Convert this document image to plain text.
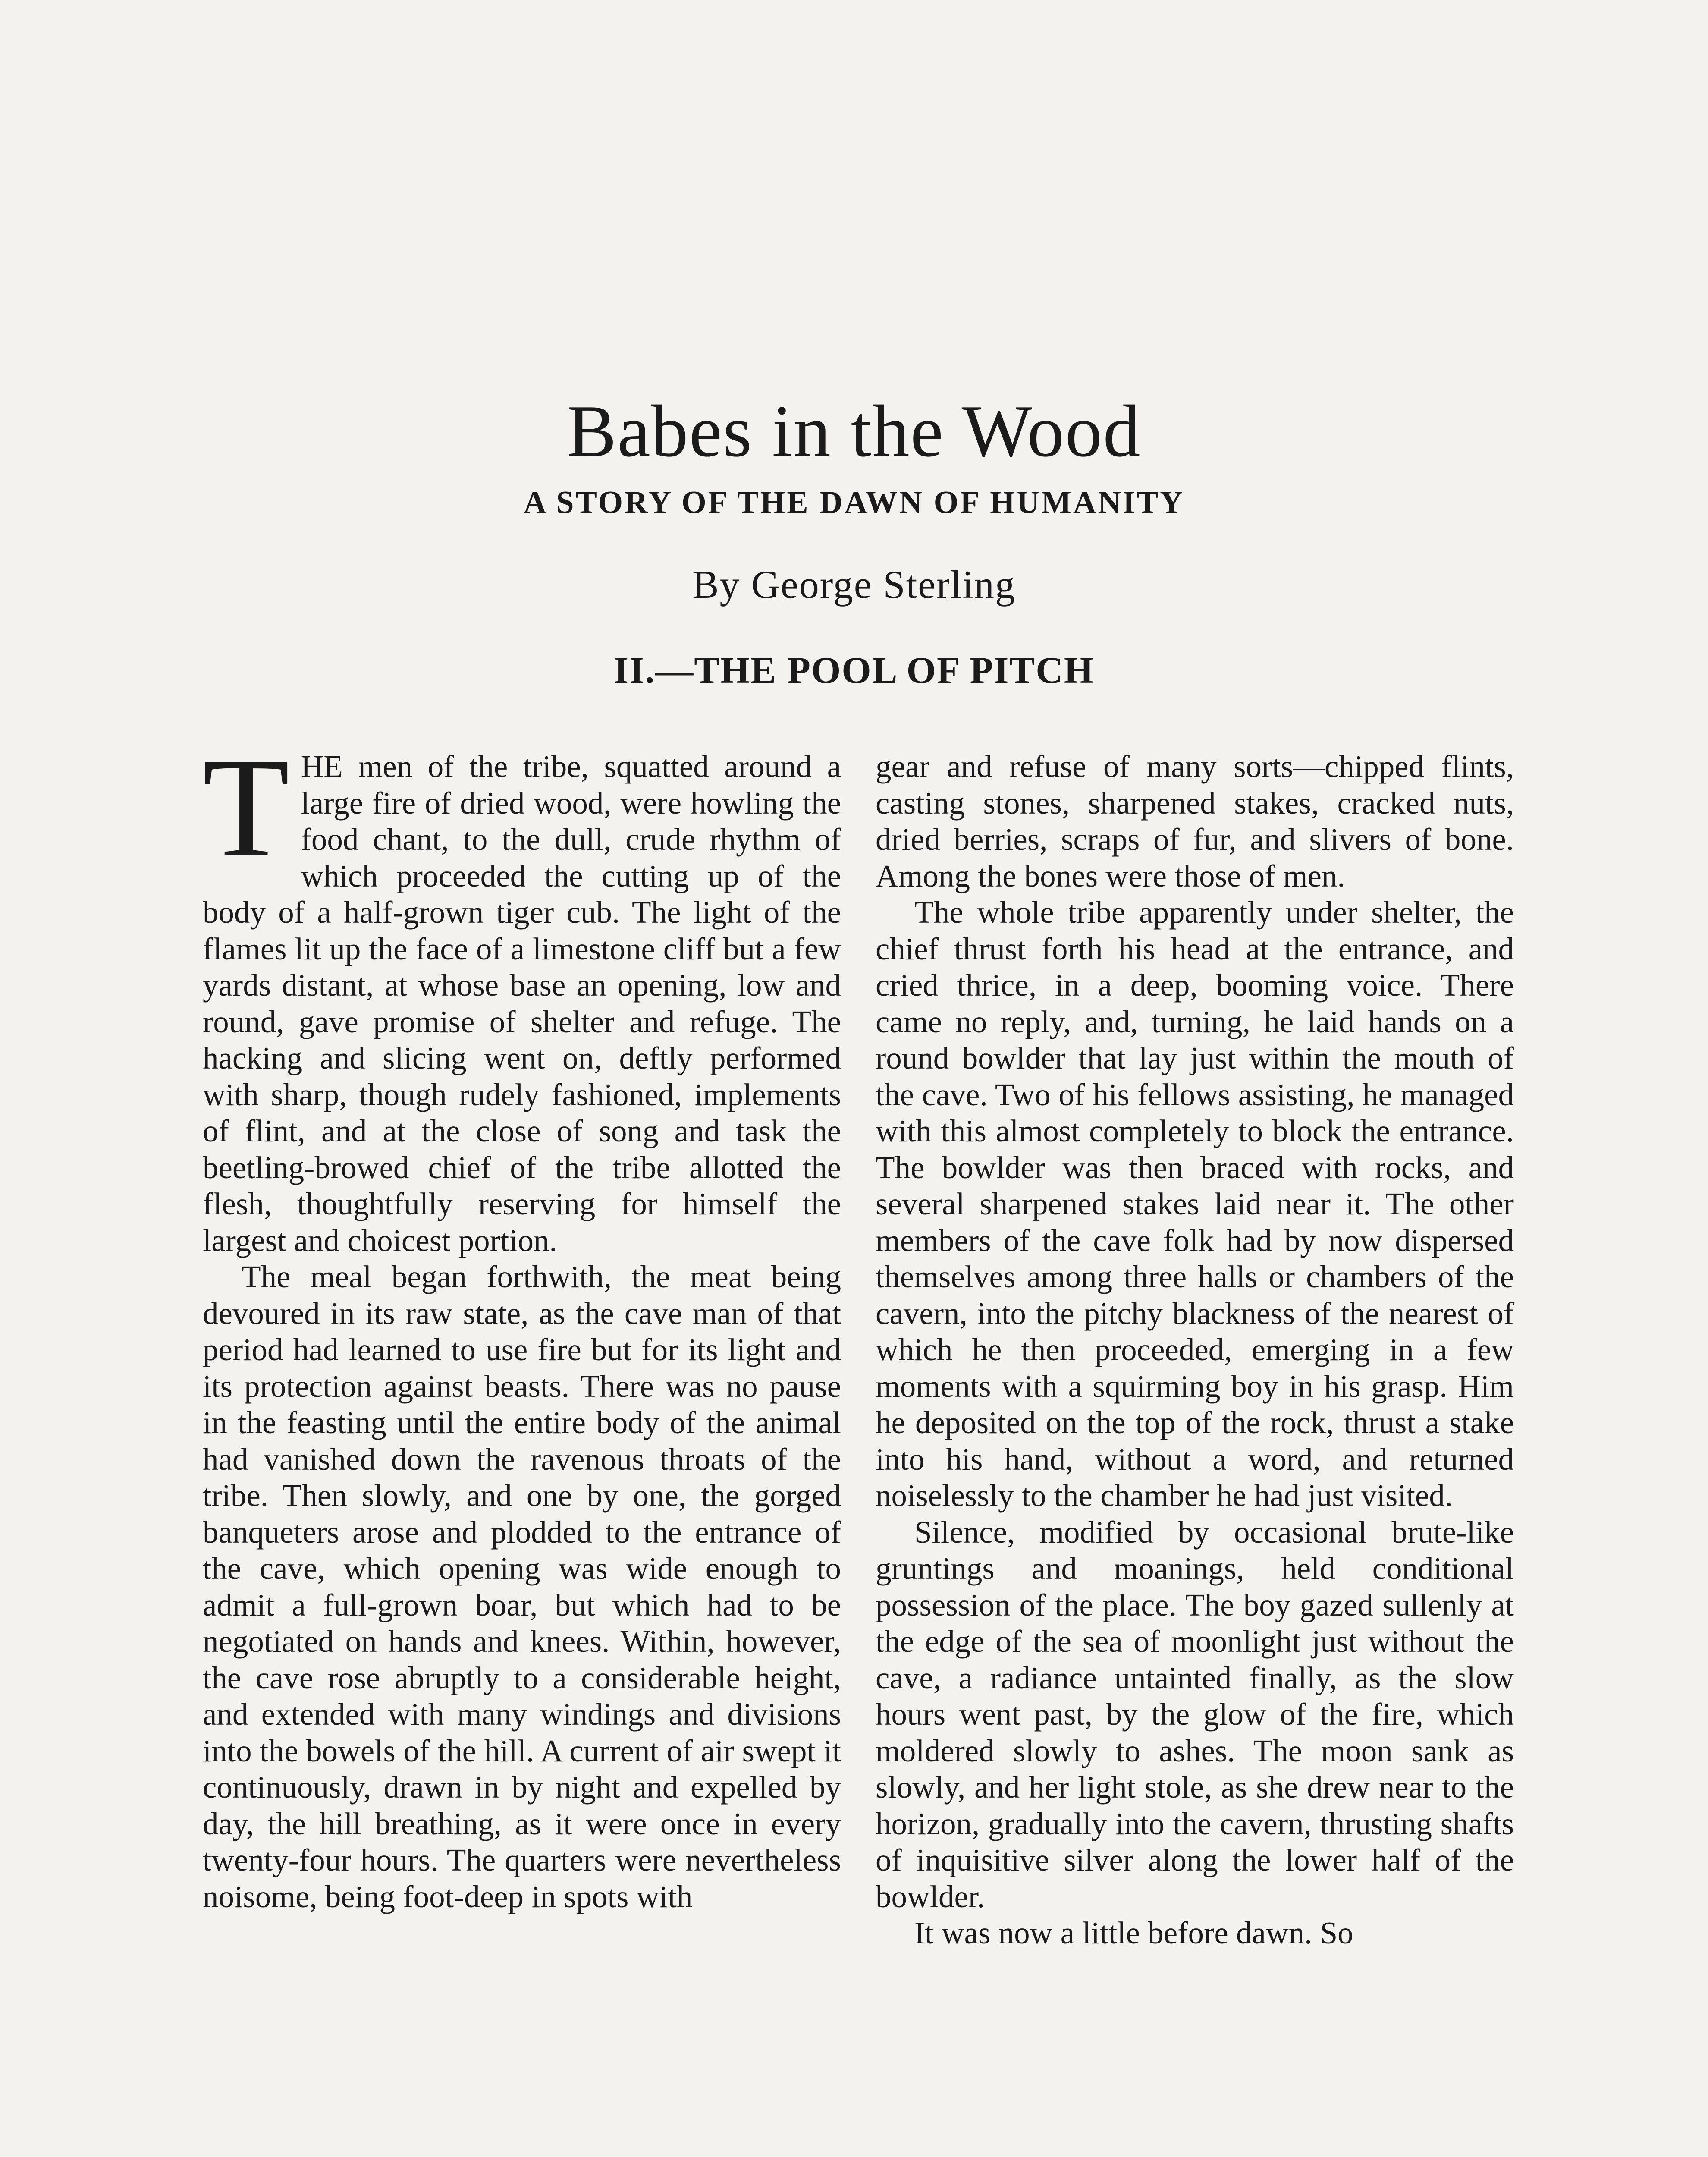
Babes in the Wood
A STORY OF THE DAWN OF HUMANITY
By George Sterling
II.—THE POOL OF PITCH

THE men of the tribe, squatted around a large fire of dried wood, were howling the food chant, to the dull, crude rhythm of which proceeded the cutting up of the body of a half-grown tiger cub. The light of the flames lit up the face of a limestone cliff but a few yards distant, at whose base an opening, low and round, gave promise of shelter and refuge. The hacking and slicing went on, deftly performed with sharp, though rudely fashioned, implements of flint, and at the close of song and task the beetling-browed chief of the tribe allotted the flesh, thoughtfully reserving for himself the largest and choicest portion.

The meal began forthwith, the meat being devoured in its raw state, as the cave man of that period had learned to use fire but for its light and its protection against beasts. There was no pause in the feasting until the entire body of the animal had vanished down the ravenous throats of the tribe. Then slowly, and one by one, the gorged banqueters arose and plodded to the entrance of the cave, which opening was wide enough to admit a full-grown boar, but which had to be negotiated on hands and knees. Within, however, the cave rose abruptly to a considerable height, and extended with many windings and divisions into the bowels of the hill. A current of air swept it continuously, drawn in by night and expelled by day, the hill breathing, as it were once in every twenty-four hours. The quarters were nevertheless noisome, being foot-deep in spots with

gear and refuse of many sorts—chipped flints, casting stones, sharpened stakes, cracked nuts, dried berries, scraps of fur, and slivers of bone. Among the bones were those of men.

The whole tribe apparently under shelter, the chief thrust forth his head at the entrance, and cried thrice, in a deep, booming voice. There came no reply, and, turning, he laid hands on a round bowlder that lay just within the mouth of the cave. Two of his fellows assisting, he managed with this almost completely to block the entrance. The bowlder was then braced with rocks, and several sharpened stakes laid near it. The other members of the cave folk had by now dispersed themselves among three halls or chambers of the cavern, into the pitchy blackness of the nearest of which he then proceeded, emerging in a few moments with a squirming boy in his grasp. Him he deposited on the top of the rock, thrust a stake into his hand, without a word, and returned noiselessly to the chamber he had just visited.

Silence, modified by occasional brute-like gruntings and moanings, held conditional possession of the place. The boy gazed sullenly at the edge of the sea of moonlight just without the cave, a radiance untainted finally, as the slow hours went past, by the glow of the fire, which moldered slowly to ashes. The moon sank as slowly, and her light stole, as she drew near to the horizon, gradually into the cavern, thrusting shafts of inquisitive silver along the lower half of the bowlder.

It was now a little before dawn. So
